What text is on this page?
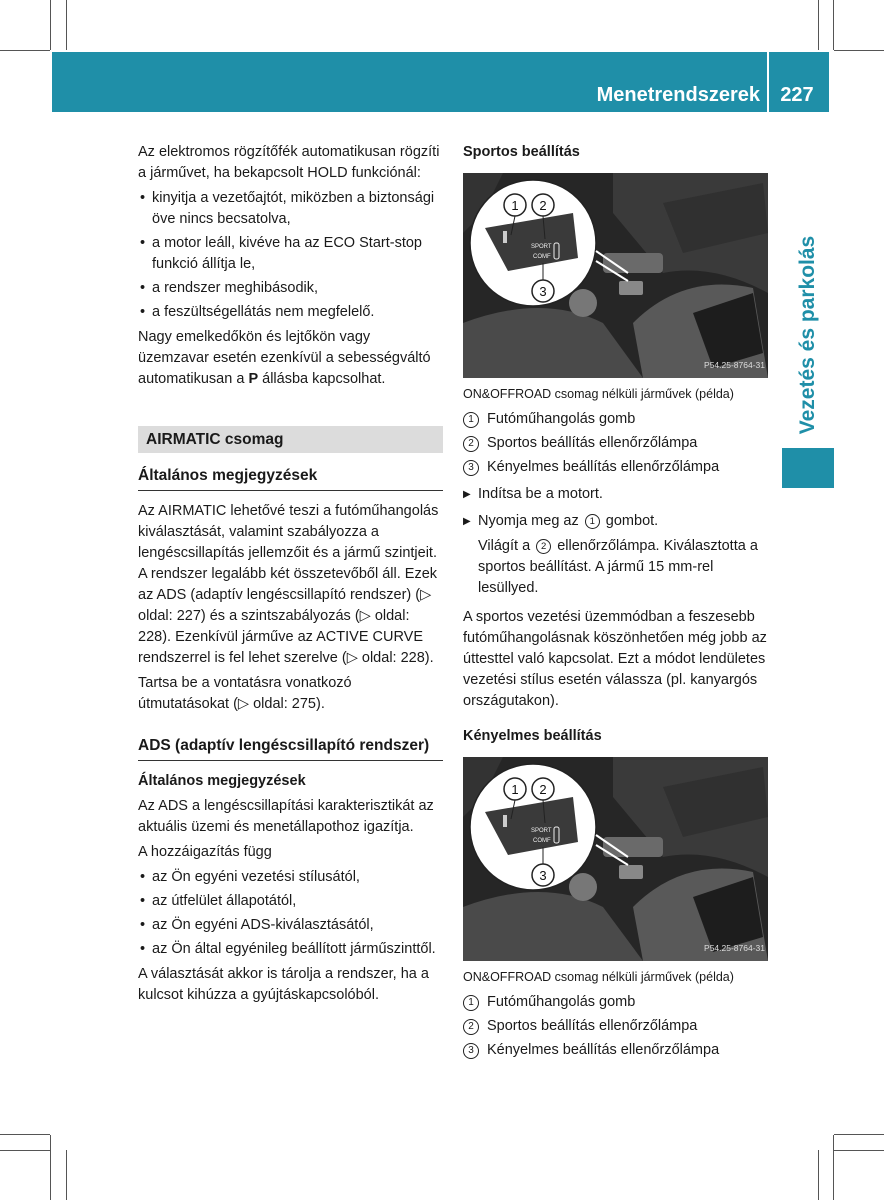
Menetrendszerek	227
Vezetés és parkolás

Az elektromos rögzítőfék automatikusan rögzíti a járművet, ha bekapcsolt HOLD funkciónál:

• kinyitja a vezetőajtót, miközben a biztonsági öve nincs becsatolva,
• a motor leáll, kivéve ha az ECO Start-stop funkció állítja le,
• a rendszer meghibásodik,
• a feszültségellátás nem megfelelő.

Nagy emelkedőkön és lejtőkön vagy üzemzavar esetén ezenkívül a sebességváltó automatikusan a P állásba kapcsolhat.

AIRMATIC csomag
Általános megjegyzések

Az AIRMATIC lehetővé teszi a futóműhangolás kiválasztását, valamint szabályozza a lengéscsillapítás jellemzőit és a jármű szintjeit. A rendszer legalább két összetevőből áll. Ezek az ADS (adaptív lengéscsillapító rendszer) (▷ oldal: 227) és a szintszabályozás (▷ oldal: 228). Ezenkívül járműve az ACTIVE CURVE rendszerrel is fel lehet szerelve (▷ oldal: 228).

Tartsa be a vontatásra vonatkozó útmutatásokat (▷ oldal: 275).

ADS (adaptív lengéscsillapító rendszer)
Általános megjegyzések

Az ADS a lengéscsillapítási karakterisztikát az aktuális üzemi és menetállapothoz igazítja.

A hozzáigazítás függ

• az Ön egyéni vezetési stílusától,
• az útfelület állapotától,
• az Ön egyéni ADS-kiválasztásától,
• az Ön által egyénileg beállított járműszinttől.

A választását akkor is tárolja a rendszer, ha a kulcsot kihúzza a gyújtáskapcsolóból.

Sportos beállítás
SPORT
COMF
1 2
3
P54.25-8764-31
ON&OFFROAD csomag nélküli járművek (példa)
1 Futóműhangolás gomb
2 Sportos beállítás ellenőrzőlámpa
3 Kényelmes beállítás ellenőrzőlámpa
▶ Indítsa be a motort.
▶ Nyomja meg az 1 gombot.
Világít a 2 ellenőrzőlámpa. Kiválasztotta a sportos beállítást. A jármű 15 mm-rel lesüllyed.

A sportos vezetési üzemmódban a feszesebb futóműhangolásnak köszönhetően még jobb az úttesttel való kapcsolat. Ezt a módot lendületes vezetési stílus esetén válassza (pl. kanyargós országutakon).

Kényelmes beállítás
SPORT
COMF
1 2
3
P54.25-8764-31
ON&OFFROAD csomag nélküli járművek (példa)
1 Futóműhangolás gomb
2 Sportos beállítás ellenőrzőlámpa
3 Kényelmes beállítás ellenőrzőlámpa
